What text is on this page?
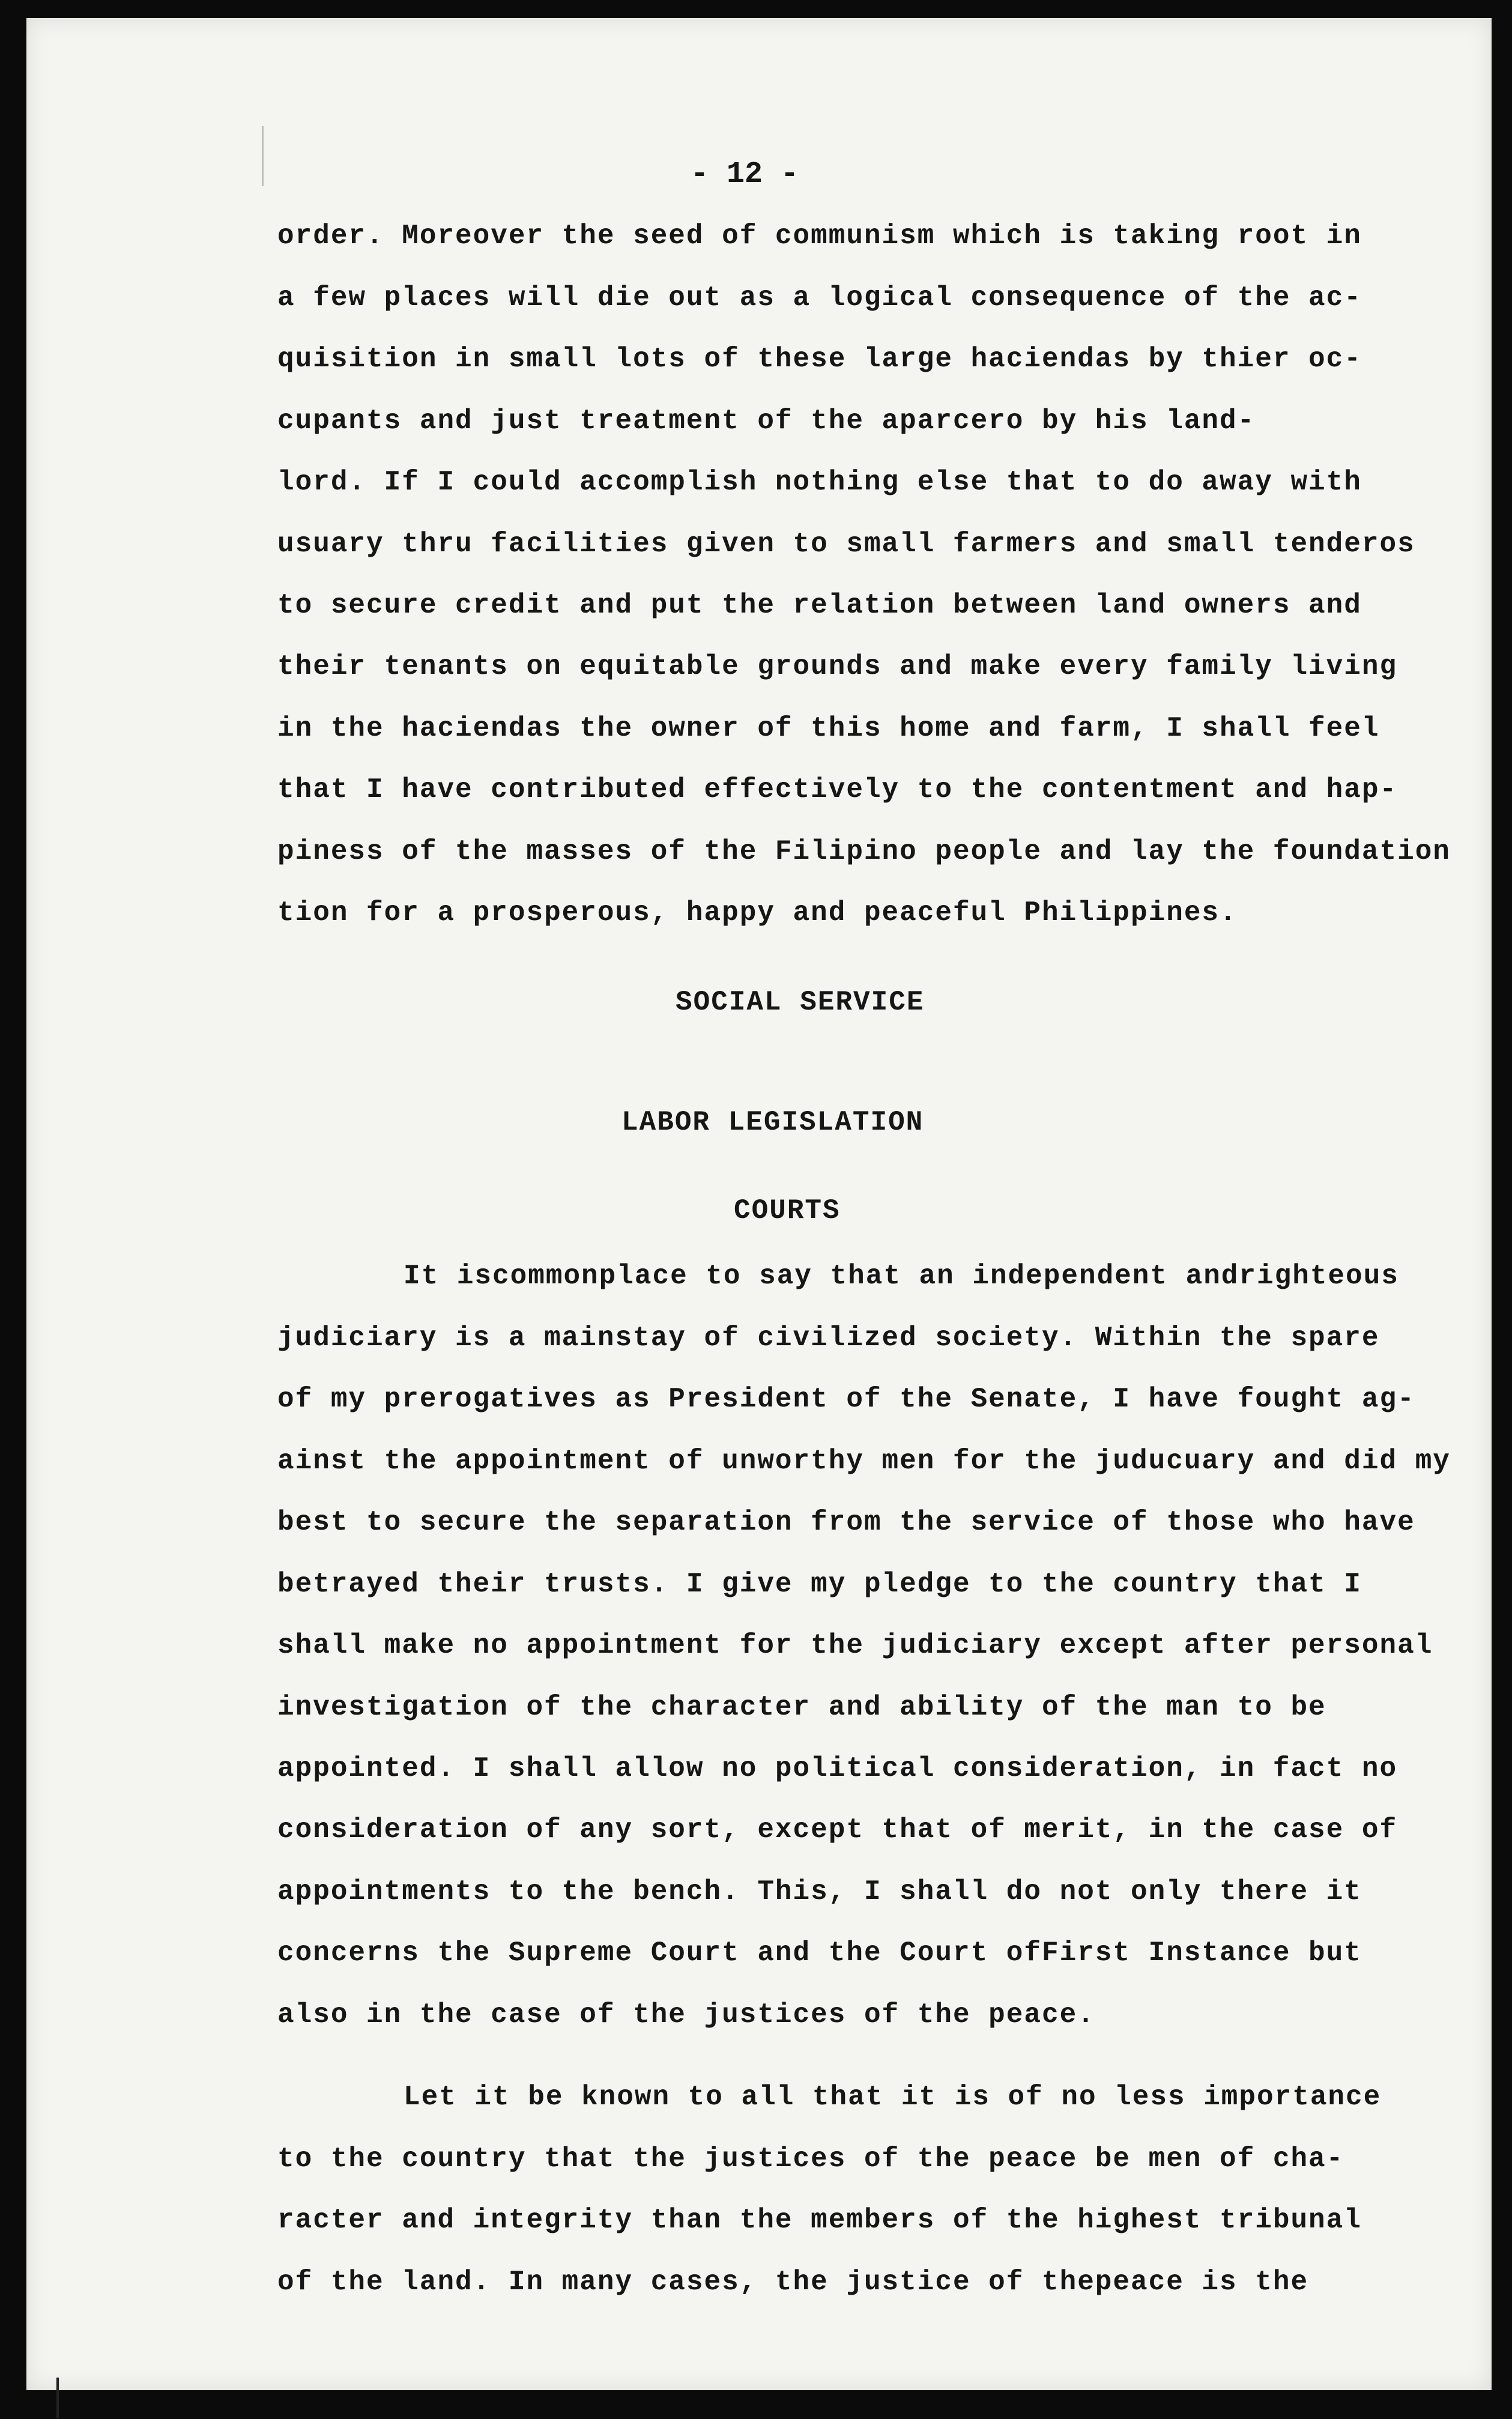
- 12 -
order. Moreover the seed of communism which is taking root in
a few places will die out as a logical consequence of the ac-
quisition in small lots of these large haciendas by thier oc-
cupants and just treatment of the aparcero by his land-
lord. If I could accomplish nothing else that to do away with
usuary thru facilities given to small farmers and small tenderos
to secure credit and put the relation between land owners and
their tenants on equitable grounds and make every family living
in the haciendas the owner of this home and farm, I shall feel
that I have contributed effectively to the contentment and hap-
piness of the masses of the Filipino people and lay the foundation
tion for a prosperous, happy and peaceful Philippines.
It iscommonplace to say that an independent andrighteous
judiciary is a mainstay of civilized society. Within the spare
of my prerogatives as President of the Senate, I have fought ag-
ainst the appointment of unworthy men for the juducuary and did my
best to secure the separation from the service of those who have
betrayed their trusts. I give my pledge to the country that I
shall make no appointment for the judiciary except after personal
investigation of the character and ability of the man to be
appointed. I shall allow no political consideration, in fact no
consideration of any sort, except that of merit, in the case of
appointments to the bench. This, I shall do not only there it
concerns the Supreme Court and the Court ofFirst Instance but
also in the case of the justices of the peace.
Let it be known to all that it is of no less importance
to the country that the justices of the peace be men of cha-
racter and integrity than the members of the highest tribunal
of the land. In many cases, the justice of thepeace is the
SOCIAL SERVICE
LABOR LEGISLATION
COURTS
│
